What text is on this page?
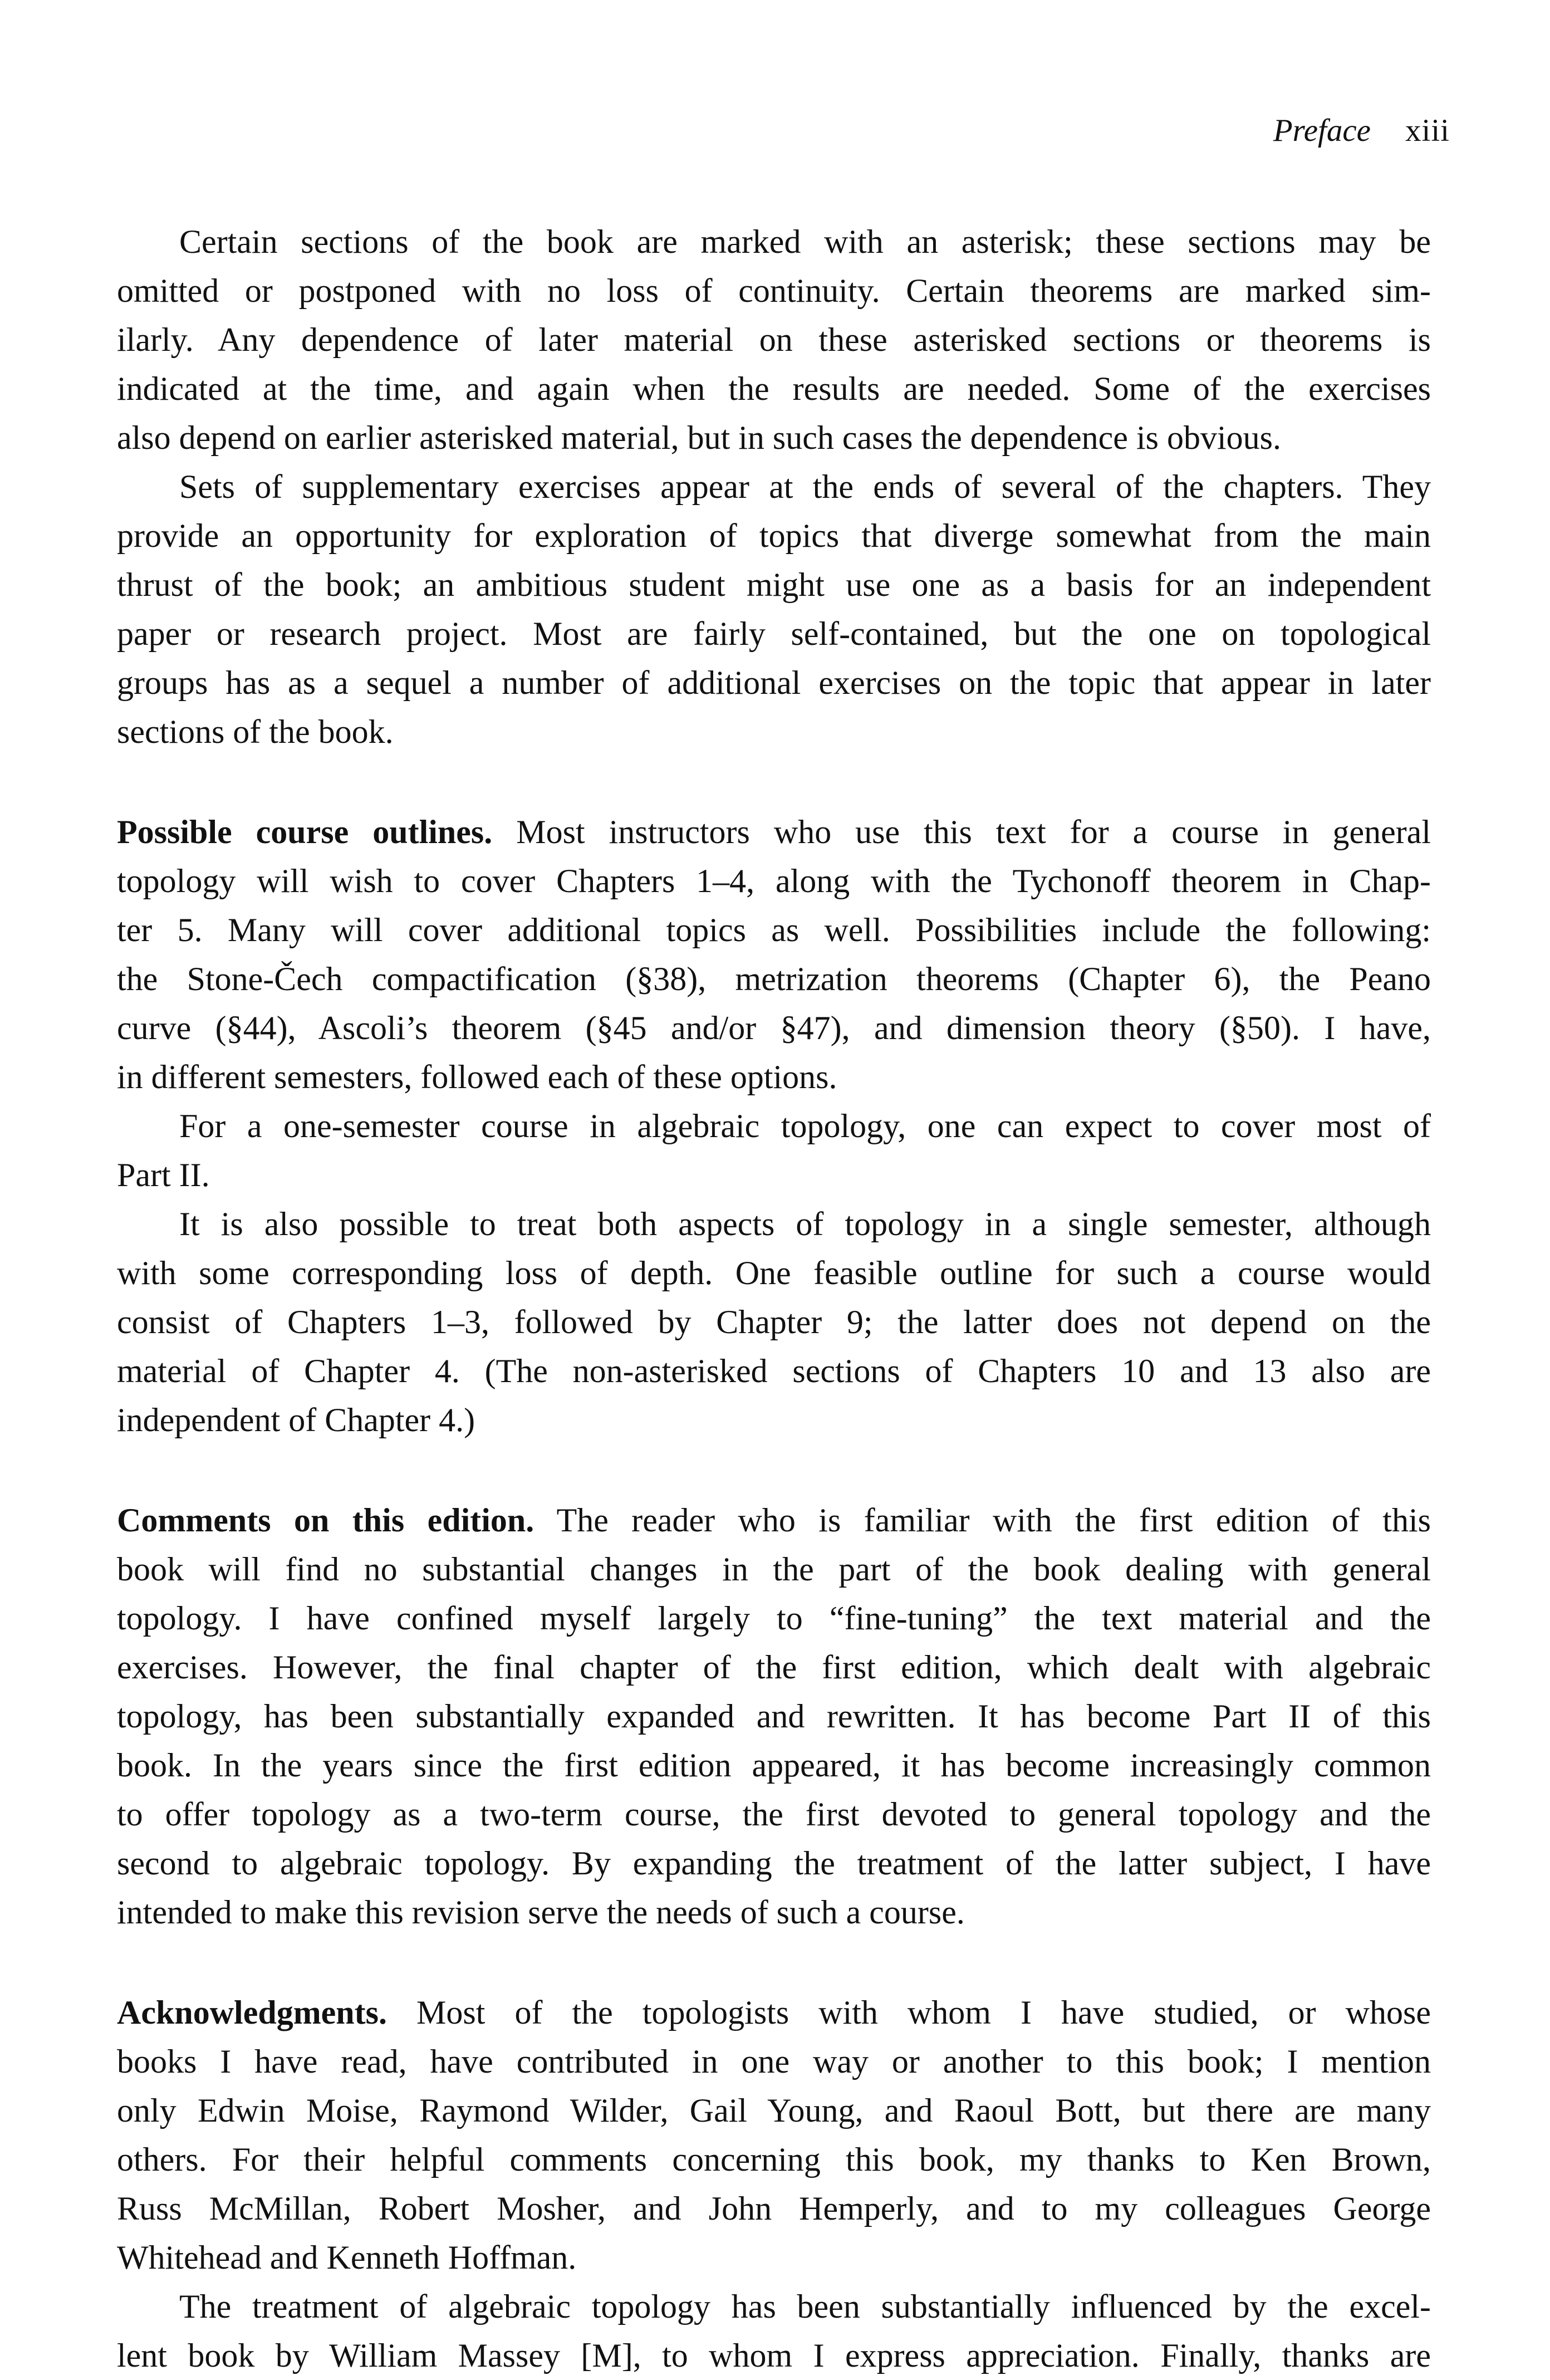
Preface xiii
Certain sections of the book are marked with an asterisk; these sections may be
omitted or postponed with no loss of continuity. Certain theorems are marked sim-
ilarly. Any dependence of later material on these asterisked sections or theorems is
indicated at the time, and again when the results are needed. Some of the exercises
also depend on earlier asterisked material, but in such cases the dependence is obvious.
Sets of supplementary exercises appear at the ends of several of the chapters. They
provide an opportunity for exploration of topics that diverge somewhat from the main
thrust of the book; an ambitious student might use one as a basis for an independent
paper or research project. Most are fairly self-contained, but the one on topological
groups has as a sequel a number of additional exercises on the topic that appear in later
sections of the book.
Possible course outlines. Most instructors who use this text for a course in general
topology will wish to cover Chapters 1–4, along with the Tychonoff theorem in Chap-
ter 5. Many will cover additional topics as well. Possibilities include the following:
the Stone-Čech compactification (§38), metrization theorems (Chapter 6), the Peano
curve (§44), Ascoli’s theorem (§45 and/or §47), and dimension theory (§50). I have,
in different semesters, followed each of these options.
For a one-semester course in algebraic topology, one can expect to cover most of
Part II.
It is also possible to treat both aspects of topology in a single semester, although
with some corresponding loss of depth. One feasible outline for such a course would
consist of Chapters 1–3, followed by Chapter 9; the latter does not depend on the
material of Chapter 4. (The non-asterisked sections of Chapters 10 and 13 also are
independent of Chapter 4.)
Comments on this edition. The reader who is familiar with the first edition of this
book will find no substantial changes in the part of the book dealing with general
topology. I have confined myself largely to “fine-tuning” the text material and the
exercises. However, the final chapter of the first edition, which dealt with algebraic
topology, has been substantially expanded and rewritten. It has become Part II of this
book. In the years since the first edition appeared, it has become increasingly common
to offer topology as a two-term course, the first devoted to general topology and the
second to algebraic topology. By expanding the treatment of the latter subject, I have
intended to make this revision serve the needs of such a course.
Acknowledgments. Most of the topologists with whom I have studied, or whose
books I have read, have contributed in one way or another to this book; I mention
only Edwin Moise, Raymond Wilder, Gail Young, and Raoul Bott, but there are many
others. For their helpful comments concerning this book, my thanks to Ken Brown,
Russ McMillan, Robert Mosher, and John Hemperly, and to my colleagues George
Whitehead and Kenneth Hoffman.
The treatment of algebraic topology has been substantially influenced by the excel-
lent book by William Massey [M], to whom I express appreciation. Finally, thanks are
